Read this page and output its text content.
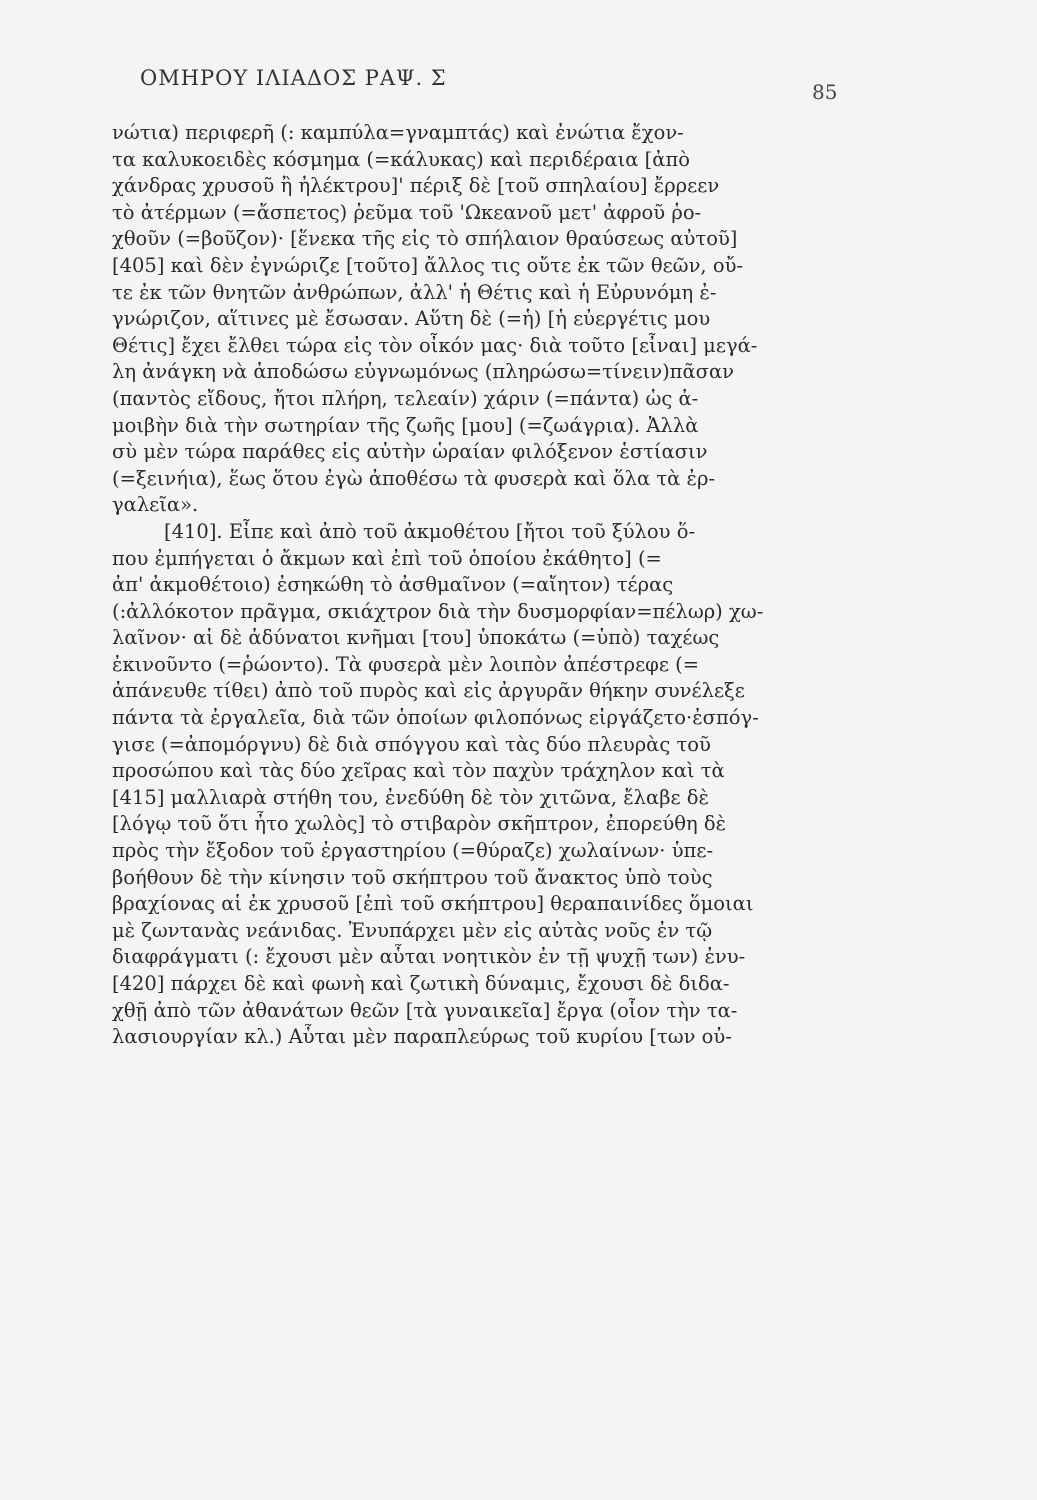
ΟΜΗΡΟΥ ΙΛΙΑΔΟΣ ΡΑΨ. Σ
85
νώτια) περιφερῆ (: καμπύλα=γναμπτάς) καὶ ἐνώτια ἔχον-
τα καλυκοειδὲς κόσμημα (=κάλυκας) καὶ περιδέραια [ἀπὸ
χάνδρας χρυσοῦ ἢ ἠλέκτρου]' πέριξ δὲ [τοῦ σπηλαίου] ἔρρεεν
τὸ ἀτέρμων (=ἄσπετος) ῥεῦμα τοῦ 'Ωκεανοῦ μετ' ἀφροῦ ῥο-
χθοῦν (=βοῦζον)· [ἕνεκα τῆς εἰς τὸ σπήλαιον θραύσεως αὐτοῦ]
[405] καὶ δὲν ἐγνώριζε [τοῦτο] ἄλλος τις οὔτε ἐκ τῶν θεῶν, οὔ-
τε ἐκ τῶν θνητῶν ἀνθρώπων, ἀλλ' ἡ Θέτις καὶ ἡ Εὐρυνόμη ἐ-
γνώριζον, αἵτινες μὲ ἔσωσαν. Αὕτη δὲ (=ἡ) [ἡ εὐεργέτις μου
Θέτις] ἔχει ἔλθει τώρα εἰς τὸν οἶκόν μας· διὰ τοῦτο [εἶναι] μεγά-
λη ἀνάγκη νὰ ἀποδώσω εὐγνωμόνως (πληρώσω=τίνειν)πᾶσαν
(παντὸς εἴδους, ἤτοι πλήρη, τελεαίν) χάριν (=πάντα) ὡς ἀ-
μοιβὴν διὰ τὴν σωτηρίαν τῆς ζωῆς [μου] (=ζωάγρια). Ἀλλὰ
σὺ μὲν τώρα παράθες εἰς αὐτὴν ὡραίαν φιλόξενον ἑστίασιν
(=ξεινήια), ἕως ὅτου ἐγὼ ἀποθέσω τὰ φυσερὰ καὶ ὅλα τὰ ἐρ-
γαλεῖα».
[410]. Εἶπε καὶ ἀπὸ τοῦ ἀκμοθέτου [ἤτοι τοῦ ξύλου ὅ-
που ἐμπήγεται ὁ ἄκμων καὶ ἐπὶ τοῦ ὁποίου ἐκάθητο] (=
ἀπ' ἀκμοθέτοιο) ἐσηκώθη τὸ ἀσθμαῖνον (=αἴητον) τέρας
(:ἀλλόκοτον πρᾶγμα, σκιάχτρον διὰ τὴν δυσμορφίαν=πέλωρ) χω-
λαῖνον· αἱ δὲ ἀδύνατοι κνῆμαι [του] ὑποκάτω (=ὑπὸ) ταχέως
ἐκινοῦντο (=ῥώοντο). Τὰ φυσερὰ μὲν λοιπὸν ἀπέστρεφε (=
ἀπάνευθε τίθει) ἀπὸ τοῦ πυρὸς καὶ εἰς ἀργυρᾶν θήκην συνέλεξε
πάντα τὰ ἐργαλεῖα, διὰ τῶν ὁποίων φιλοπόνως εἰργάζετο·ἐσπόγ-
γισε (=ἀπομόργνυ) δὲ διὰ σπόγγου καὶ τὰς δύο πλευρὰς τοῦ
προσώπου καὶ τὰς δύο χεῖρας καὶ τὸν παχὺν τράχηλον καὶ τὰ
[415] μαλλιαρὰ στήθη του, ἐνεδύθη δὲ τὸν χιτῶνα, ἔλαβε δὲ
[λόγῳ τοῦ ὅτι ἦτο χωλὸς] τὸ στιβαρὸν σκῆπτρον, ἐπορεύθη δὲ
πρὸς τὴν ἔξοδον τοῦ ἐργαστηρίου (=θύραζε) χωλαίνων· ὑπε-
βοήθουν δὲ τὴν κίνησιν τοῦ σκήπτρου τοῦ ἄνακτος ὑπὸ τοὺς
βραχίονας αἱ ἐκ χρυσοῦ [ἐπὶ τοῦ σκήπτρου] θεραπαινίδες ὅμοιαι
μὲ ζωντανὰς νεάνιδας. Ἐνυπάρχει μὲν εἰς αὐτὰς νοῦς ἐν τῷ
διαφράγματι (: ἔχουσι μὲν αὗται νοητικὸν ἐν τῇ ψυχῇ των) ἐνυ-
[420] πάρχει δὲ καὶ φωνὴ καὶ ζωτικὴ δύναμις, ἔχουσι δὲ διδα-
χθῇ ἀπὸ τῶν ἀθανάτων θεῶν [τὰ γυναικεῖα] ἔργα (οἷον τὴν τα-
λασιουργίαν κλ.) Αὗται μὲν παραπλεύρως τοῦ κυρίου [των οὐ-
